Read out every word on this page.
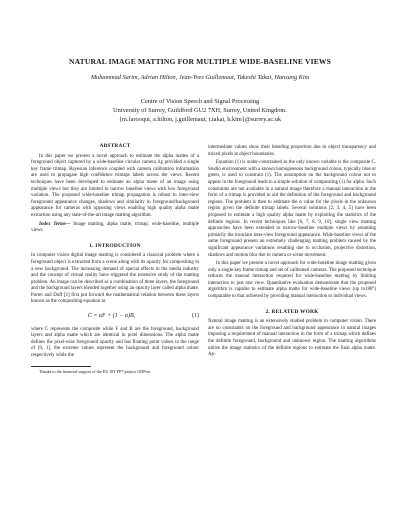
NATURAL IMAGE MATTING FOR MULTIPLE WIDE-BASELINE VIEWS
Muhammad Sarim, Adrian Hilton, Jean-Yves Guillemaut, Takeshi Takai, Hansung Kim
Centre of Vision Speech and Signal Processing
University of Surrey, Guildford GU2 7XH, Surrey, United Kingdom.
{m.farooqui, a.hilton, j.guillemaut, t.takai, h.kim}@surrey.ac.uk
ABSTRACT

In this paper we present a novel approach to estimate the alpha mattes of a foreground object captured by a wide-baseline circular camera rig provided a single key frame trimap. Bayesian inference coupled with camera calibration information are used to propagate high confidence trimaps labels across the views. Recent techniques have been developed to estimate an alpha matte of an image using multiple views but they are limited to narrow baseline views with low foreground variation. The proposed wide-baseline trimap propagation is robust to inter-view foreground appearance changes, shadows and similarity in foreground/background appearance for cameras with opposing views enabling high quality alpha matte extraction using any state-of-the-art image matting algorithm.

Index Terms— Image matting, alpha matte, trimap, wide-baseline, multiple views.

1. INTRODUCTION

In computer vision digital image matting is considered a classical problem where a foreground object is extracted from a scene along with its opacity for compositing in a new background. The increasing demand of special effects in the media industry and the concept of virtual reality have triggered the extensive study of the matting problem. An image can be described as a combination of three layers, the foreground and the background layers blended together using an opacity layer called alpha matte. Porter and Duff [1] first put forward the mathematical relation between these layers known as the compositing equation as

C = αF + (1 − α)B,	(1)

where C represents the composite while F and B are the foreground, background layers and alpha matte which are identical in pixel dimensions. The alpha matte defines the pixel-wise foreground opacity and has floating point values in the range of [0, 1], the extreme values represent the background and foreground colour respectively while the

Thanks to the financial support of the EU IST FP7 project ODPon.

intermediate values show their blending proportion due to object transparency and mixed pixels at object boundaries.

Equation (1) is under-constrained as the only known variable is the composite C. Studio environment with a known homogeneous background colour, typically blue or green, is used to constrain (1). The assumption on the background colour not to appear in the foreground leads to a simple solution of compositing (1) for alpha. Such constraints are not available in a natural image therefore a manual interaction in the form of a trimap is provided to aid the definition of the foreground and background regions. The problem is then to estimate the α value for the pixels in the unknown region given the definite trimap labels. Several solutions [2, 3, 4, 5] have been proposed to estimate a high quality alpha matte by exploiting the statistics of the definite regions. In recent techniques like [6, 7, 8, 9, 10], single view matting approaches have been extended to narrow-baseline multiple views by assuming primarily the invariant inter-view foreground appearance. Wide-baseline views of the same foreground present an extremely challenging matting problem caused by the significant appearance variations resulting due to occlusion, projective distortion, shadows and motion blur due to camera or scene movement.

In this paper we present a novel approach for wide-baseline image matting given only a single key frame trimap and set of calibrated cameras. The proposed technique reduces the manual interaction required for wide-baseline matting by limiting interaction to just one view. Quantitative evaluation demonstrate that the proposed algorithm is capable to estimate alpha matte for wide-baseline views (up to180°) comparable to that achieved by providing manual interaction to individual views.

2. RELATED WORK

Natural image matting is an extensively studied problem in computer vision. There are no constraints on the foreground and background appearance in natural images imposing a requirement of manual interaction in the form of a trimap which defines the definite foreground, background and unknown region. The matting algorithms utilise the image statistics of the definite regions to estimate the final alpha matte. Ap-
